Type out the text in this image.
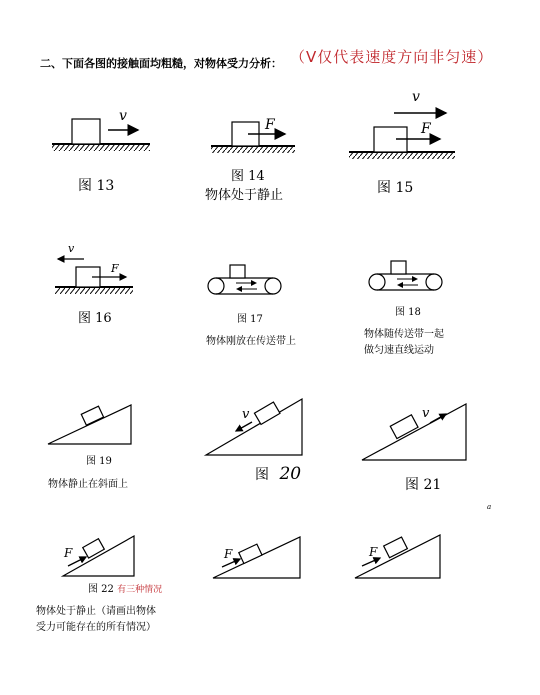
二、下面各图的接触面均粗糙，对物体受力分析： （V仅代表速度方向非匀速）
v
F
v
F
v
F
v	v
F	F	F
图 13
图 14
物体处于静止	图 15
图 16	图 17
物体刚放在传送带上
图 18
物体随传送带一起
做匀速直线运动
图 19
物体静止在斜面上
图 20
图 21
a
图 22 有三种情况
物体处于静止（请画出物体
受力可能存在的所有情况）
